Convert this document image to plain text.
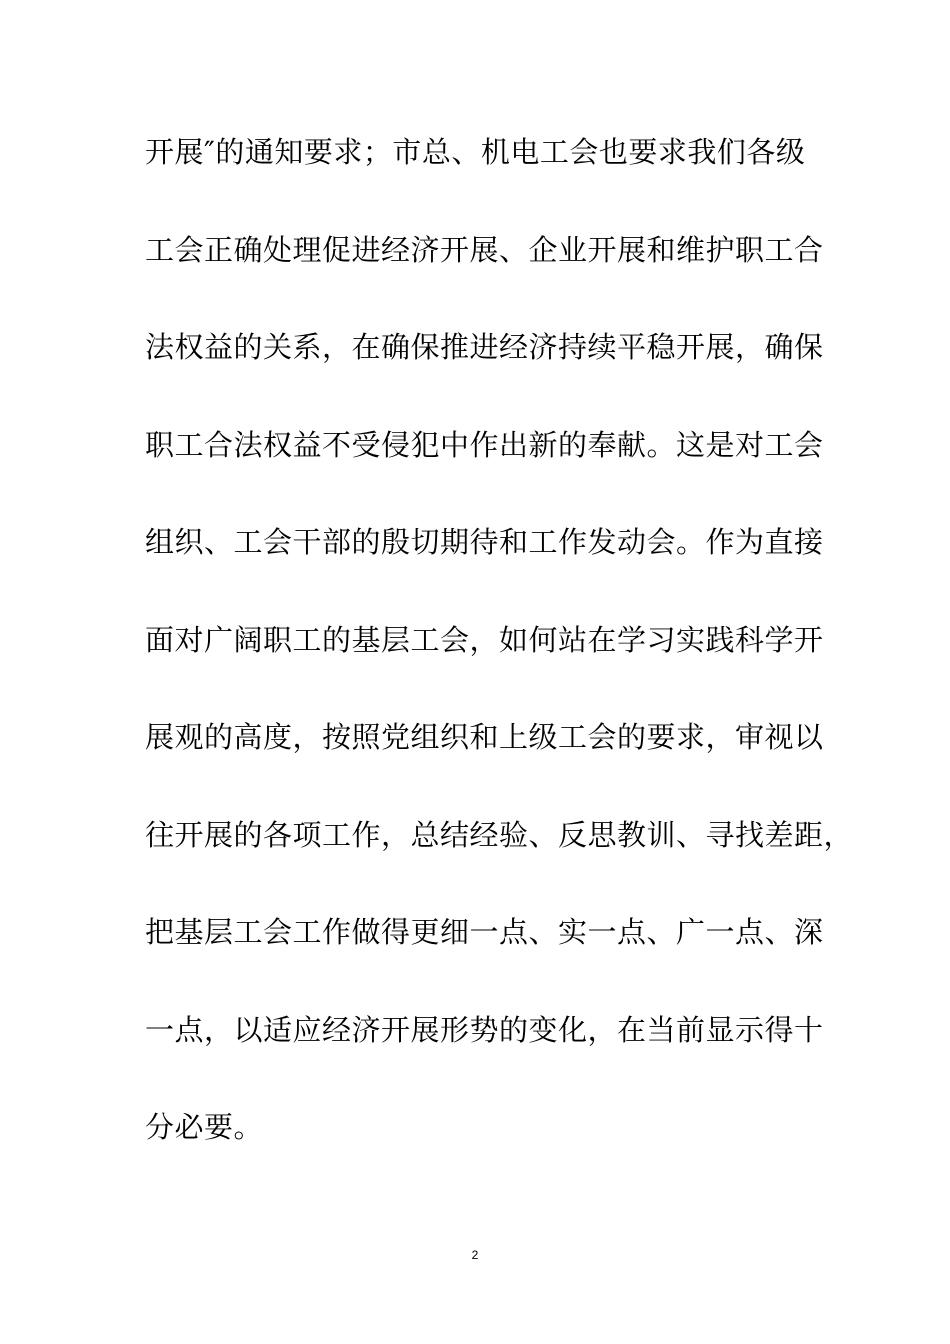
开展″的通知要求；市总、机电工会也要求我们各级
工会正确处理促进经济开展、企业开展和维护职工合
法权益的关系，在确保推进经济持续平稳开展，确保
职工合法权益不受侵犯中作出新的奉献。这是对工会
组织、工会干部的殷切期待和工作发动会。作为直接
面对广阔职工的基层工会，如何站在学习实践科学开
展观的高度，按照党组织和上级工会的要求，审视以
往开展的各项工作，总结经验、反思教训、寻找差距，
把基层工会工作做得更细一点、实一点、广一点、深
一点，以适应经济开展形势的变化，在当前显示得十
分必要。
2
